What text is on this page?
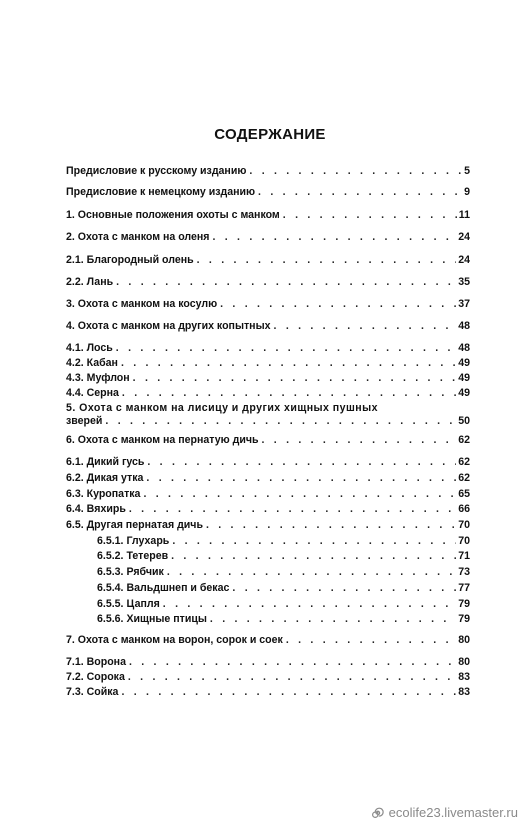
СОДЕРЖАНИЕ
Предисловие к русскому изданию . . .	5
Предисловие к немецкому изданию . . .	9
1. Основные положения охоты с манком . . .	11
2. Охота с манком на оленя . . .	24
2.1. Благородный олень . . .	24
2.2. Лань . . .	35
3. Охота с манком на косулю . . .	37
4. Охота с манком на других копытных . . .	48
4.1. Лось . . .	48
4.2. Кабан . . .	49
4.3. Муфлон . . .	49
4.4. Серна . . .	49
5. Охота с манком на лисицу и других хищных пушных
зверей . . .	50
6. Охота с манком на пернатую дичь . . .	62
6.1. Дикий гусь . . .	62
6.2. Дикая утка . . .	62
6.3. Куропатка . . .	65
6.4. Вяхирь . . .	66
6.5. Другая пернатая дичь . . .	70
6.5.1. Глухарь . . .	70
6.5.2. Тетерев . . .	71
6.5.3. Рябчик . . .	73
6.5.4. Вальдшнеп и бекас . . .	77
6.5.5. Цапля . . .	79
6.5.6. Хищные птицы . . .	79
7. Охота с манком на ворон, сорок и соек . . .	80
7.1. Ворона . . .	80
7.2. Сорока . . .	83
7.3. Сойка . . .	83
ecolife23.livemaster.ru
